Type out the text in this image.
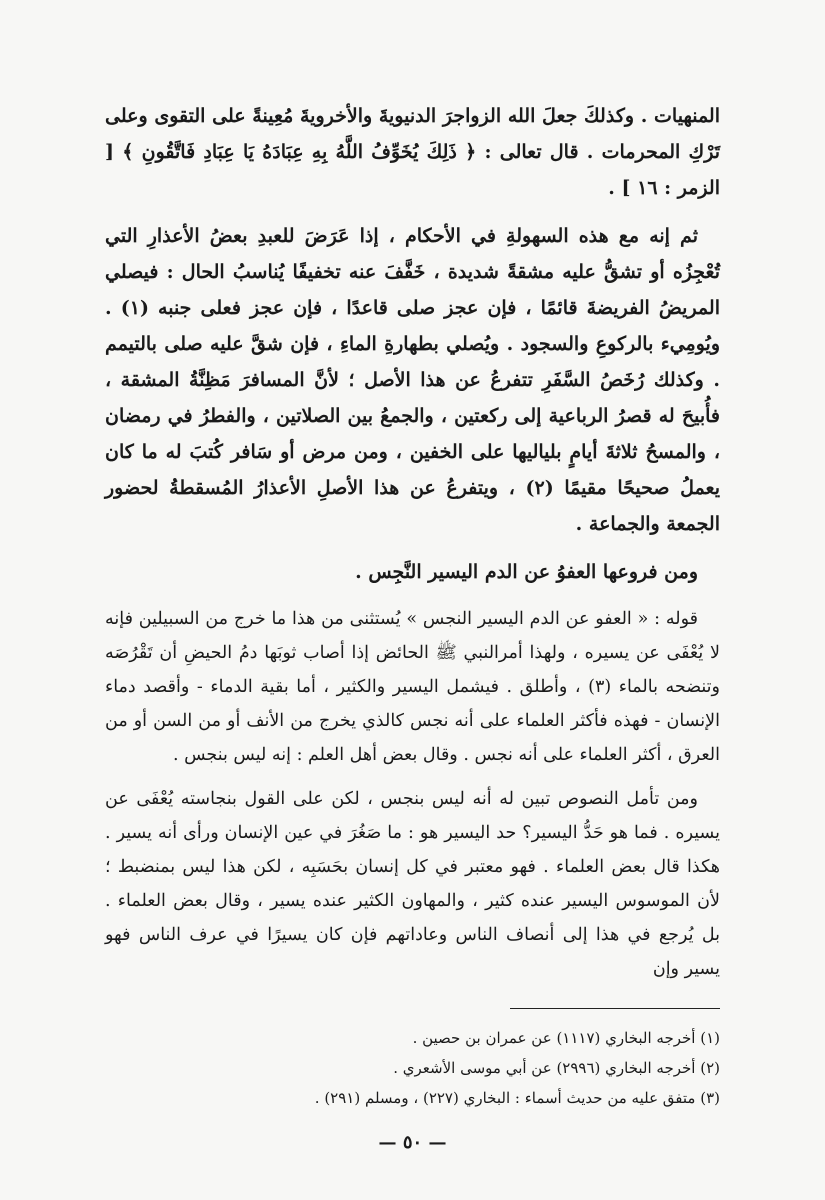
المنهيات . وكذلكَ جعلَ الله الزواجرَ الدنيويةَ والأخرويةَ مُعِينةً على التقوى وعلى تَرْكِ المحرمات . قال تعالى : ﴿ ذَلِكَ يُخَوِّفُ اللَّهُ بِهِ عِبَادَهُ يَا عِبَادِ فَاتَّقُونِ ﴾ [ الزمر : ١٦ ] .

ثم إنه مع هذه السهولةِ في الأحكام ، إذا عَرَضَ للعبدِ بعضُ الأعذارِ التي تُعْجِزُه أو تشقُّ عليه مشقةً شديدة ، خَفَّفَ عنه تخفيفًا يُناسبُ الحال : فيصلي المريضُ الفريضةَ قائمًا ، فإن عجز صلى قاعدًا ، فإن عجز فعلى جنبه (١) . ويُومِيء بالركوعِ والسجود . ويُصلي بطهارةِ الماءِ ، فإن شقَّ عليه صلى بالتيمم . وكذلك رُخَصُ السَّفَرِ تتفرعُ عن هذا الأصل ؛ لأنَّ المسافرَ مَظِنَّةُ المشقة ، فأُبيحَ له قصرُ الرباعية إلى ركعتين ، والجمعُ بين الصلاتين ، والفطرُ في رمضان ، والمسحُ ثلاثةَ أيامٍ بلياليها على الخفين ، ومن مرض أو سَافر كُتبَ له ما كان يعملُ صحيحًا مقيمًا (٢) ، ويتفرعُ عن هذا الأصلِ الأعذارُ المُسقطةُ لحضور الجمعة والجماعة .

ومن فروعها العفوُ عن الدم اليسير النَّجِس .

قوله : « العفو عن الدم اليسير النجس » يُستثنى من هذا ما خرج من السبيلين فإنه لا يُعْفَى عن يسيره ، ولهذا أمرالنبي ﷺ الحائض إذا أصاب ثوبَها دمُ الحيضِ أن تَقْرُصَه وتنضحه بالماء (٣) ، وأطلق . فيشمل اليسير والكثير ، أما بقية الدماء - وأقصد دماء الإنسان - فهذه فأكثر العلماء على أنه نجس كالذي يخرج من الأنف أو من السن أو من العرق ، أكثر العلماء على أنه نجس . وقال بعض أهل العلم : إنه ليس بنجس .

ومن تأمل النصوص تبين له أنه ليس بنجس ، لكن على القول بنجاسته يُعْفَى عن يسيره . فما هو حَدُّ اليسير؟ حد اليسير هو : ما صَغُرَ في عين الإنسان ورأى أنه يسير . هكذا قال بعض العلماء . فهو معتبر في كل إنسان بحَسَبِه ، لكن هذا ليس بمنضبط ؛ لأن الموسوس اليسير عنده كثير ، والمهاون الكثير عنده يسير ، وقال بعض العلماء . بل يُرجع في هذا إلى أنصاف الناس وعاداتهم فإن كان يسيرًا في عرف الناس فهو يسير وإن

(١) أخرجه البخاري (١١١٧) عن عمران بن حصين .

(٢) أخرجه البخاري (٢٩٩٦) عن أبي موسى الأشعري .

(٣) متفق عليه من حديث أسماء : البخاري (٢٢٧) ، ومسلم (٢٩١) .

— ٥٠ —
